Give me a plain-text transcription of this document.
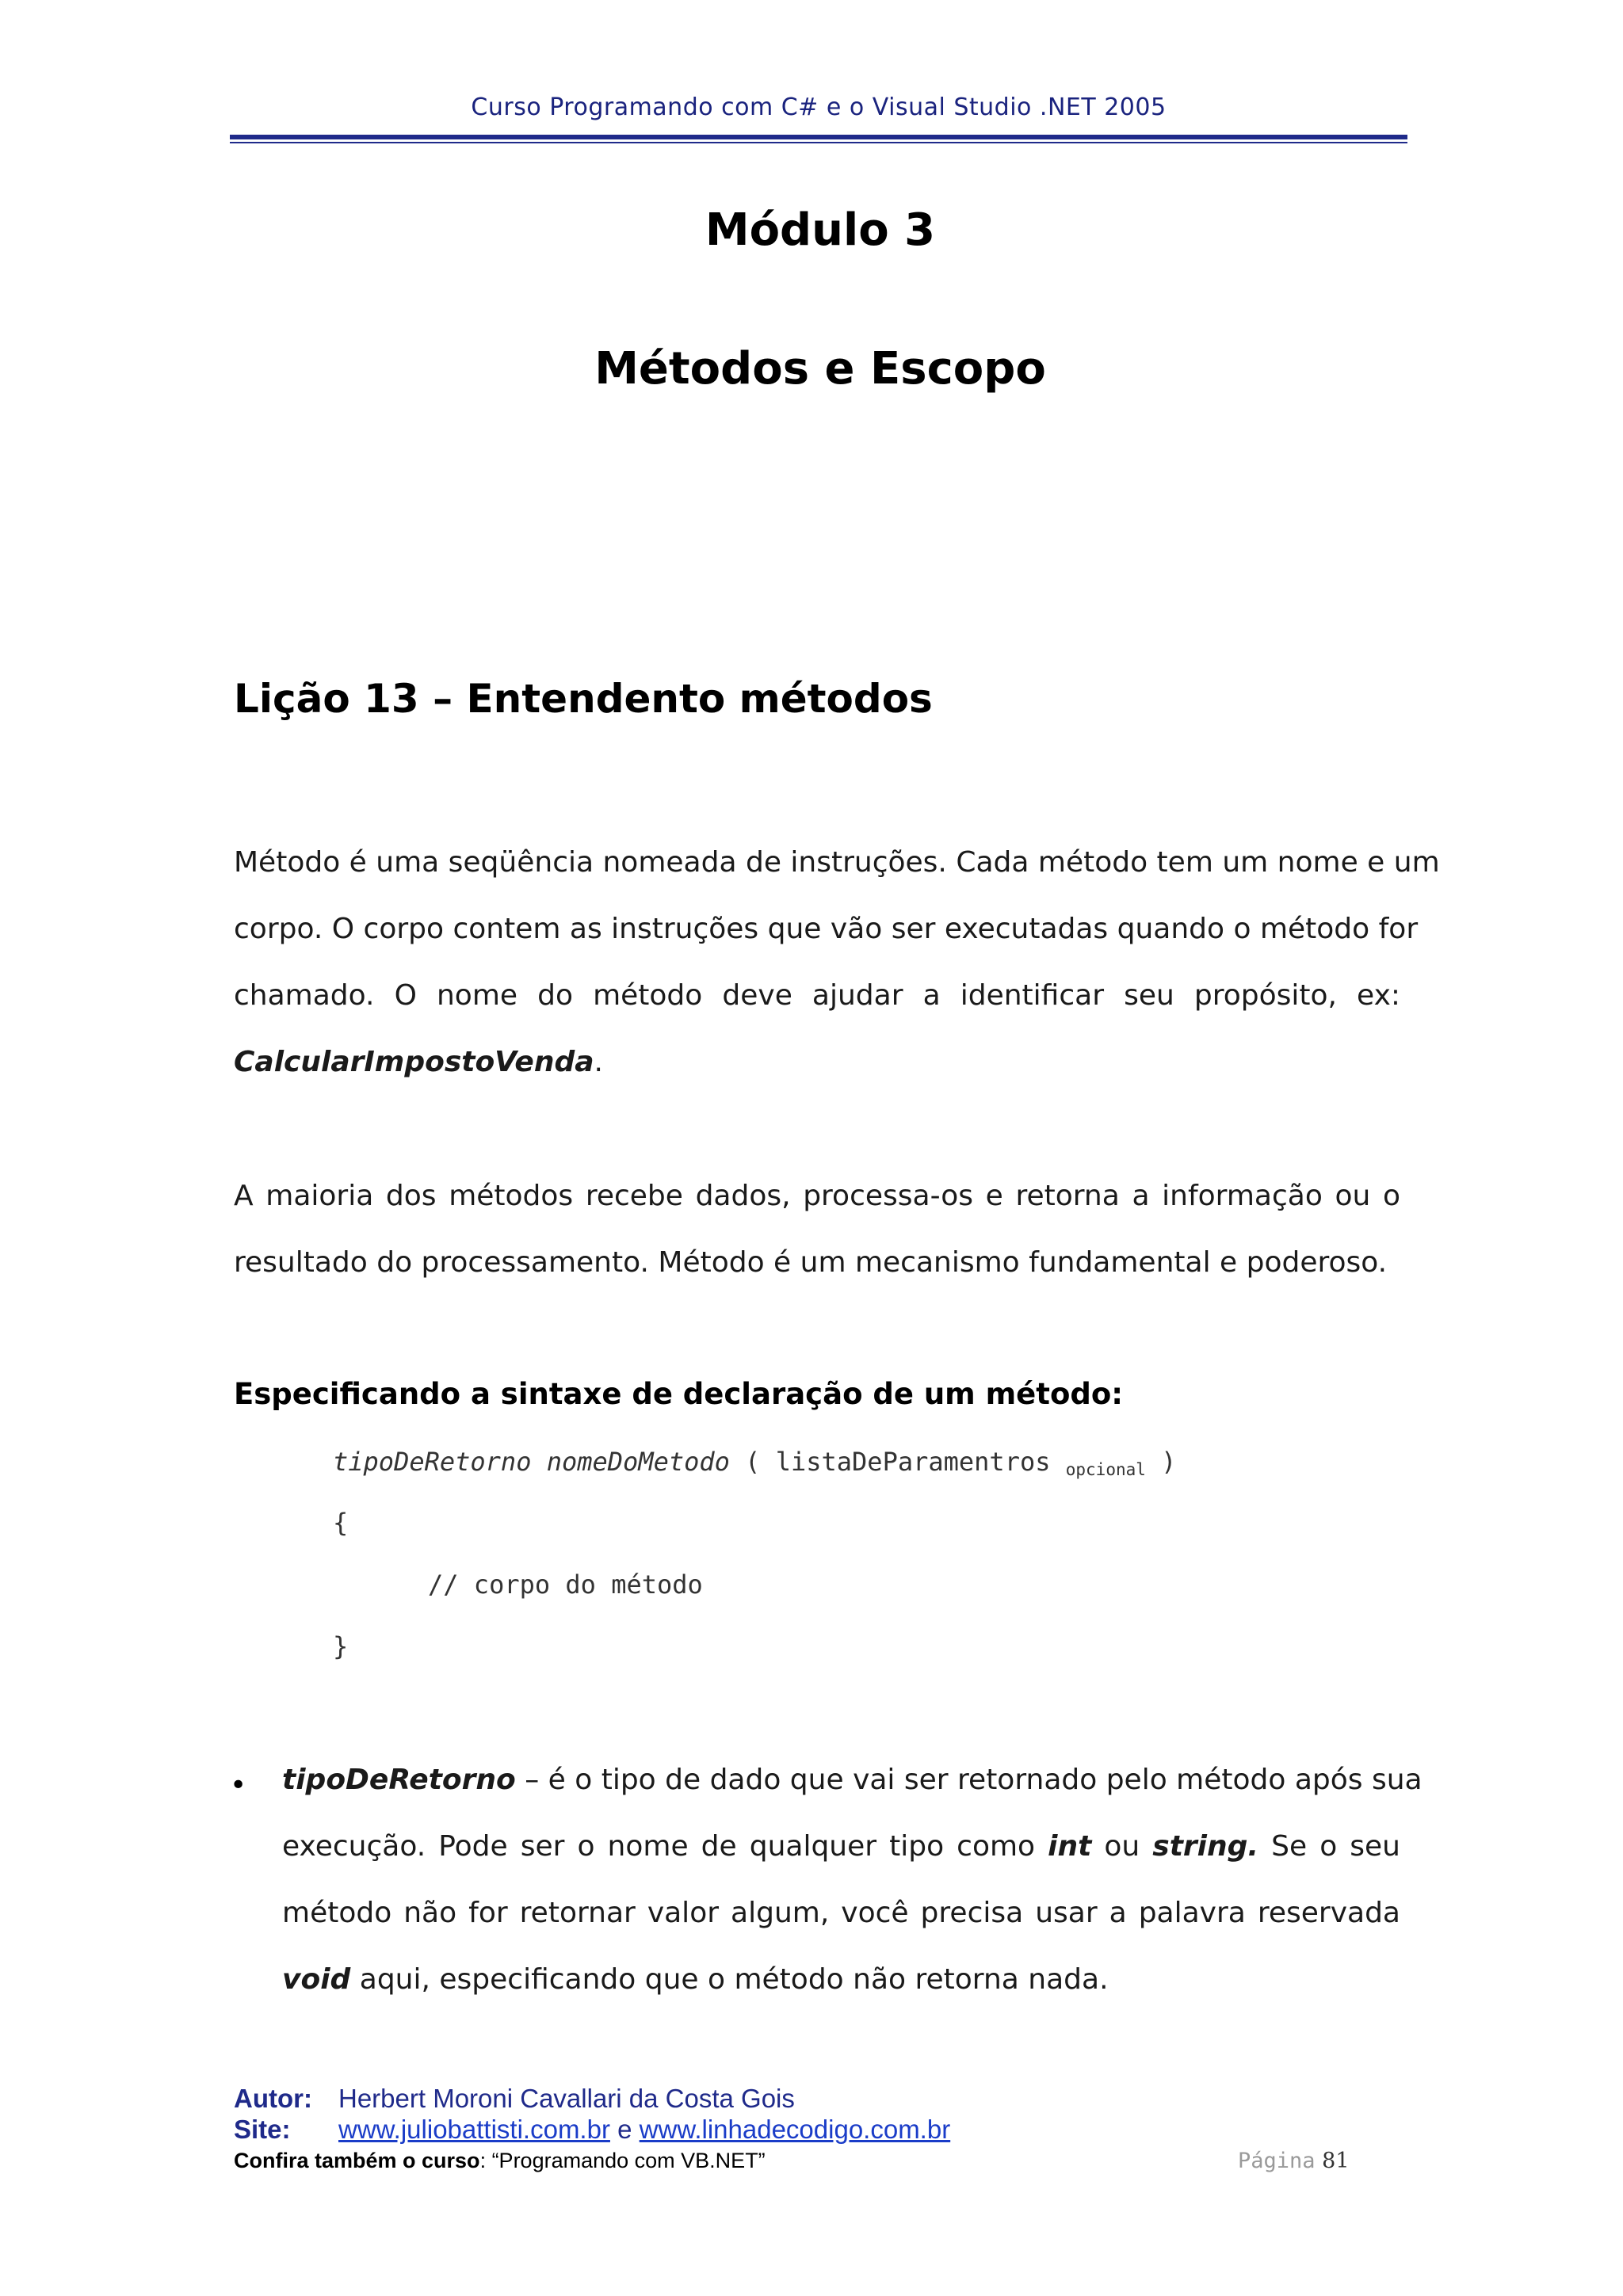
Curso Programando com C# e o Visual Studio .NET 2005
Módulo 3
Métodos e Escopo
Lição 13 – Entendento métodos
Método é uma seqüência nomeada de instruções. Cada método tem um nome e um
corpo. O corpo contem as instruções que vão ser executadas quando o método for
chamado. O nome do método deve ajudar a identificar seu propósito, ex:
CalcularImpostoVenda.
A maioria dos métodos recebe dados, processa-os e retorna a informação ou o
resultado do processamento. Método é um mecanismo fundamental e poderoso.
Especificando a sintaxe de declaração de um método:
tipoDeRetorno nomeDoMetodo ( listaDeParamentros opcional )
{
// corpo do método
}
• tipoDeRetorno – é o tipo de dado que vai ser retornado pelo método após sua
execução. Pode ser o nome de qualquer tipo como int ou string. Se o seu
método não for retornar valor algum, você precisa usar a palavra reservada
void aqui, especificando que o método não retorna nada.
Autor: Herbert Moroni Cavallari da Costa Gois
Site: www.juliobattisti.com.br e www.linhadecodigo.com.br
Confira também o curso: “Programando com VB.NET”	Página 81
